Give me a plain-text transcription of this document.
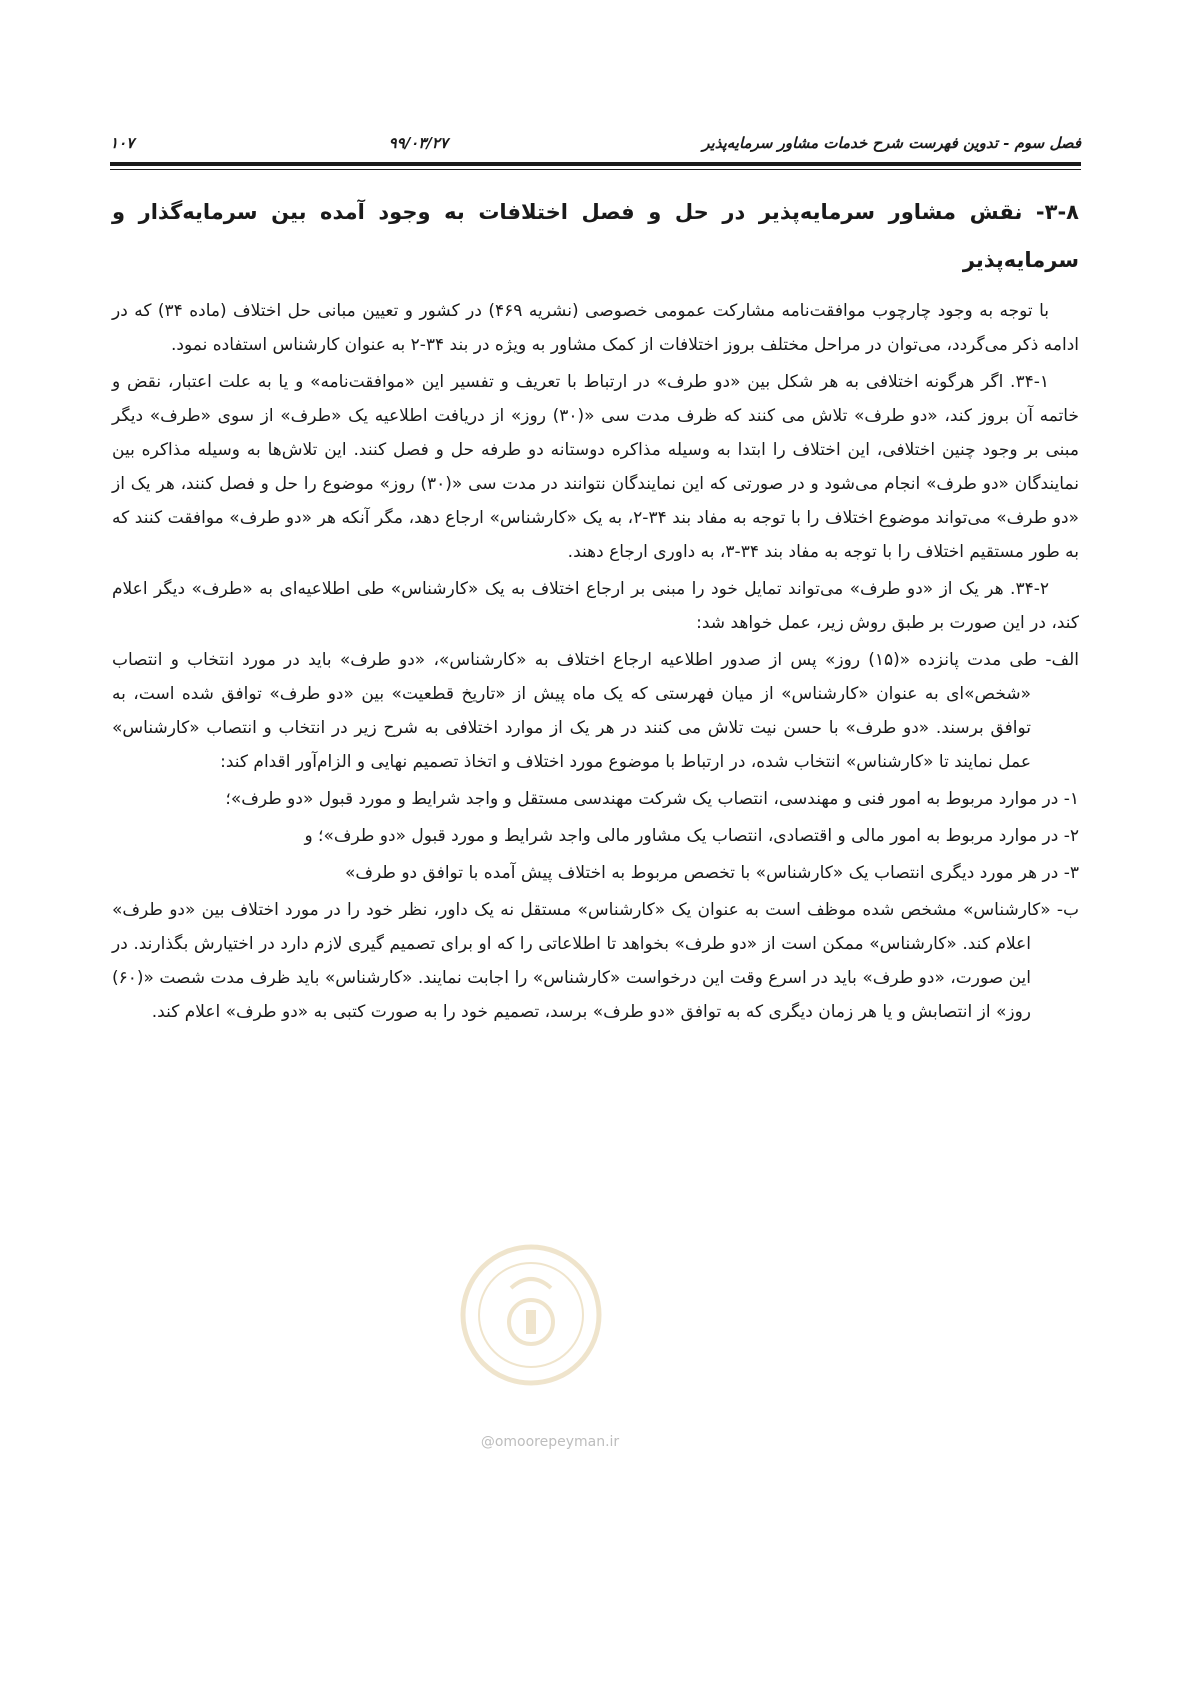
فصل سوم - تدوین فهرست شرح خدمات مشاور سرمایه‌پذیر
۹۹/۰۳/۲۷
۱۰۷
۳-۸- نقش مشاور سرمایه‌پذیر در حل و فصل اختلافات به وجود آمده بین سرمایه‌گذار و سرمایه‌پذیر

با توجه به وجود چارچوب موافقت‌نامه مشارکت عمومی خصوصی (نشریه ۴۶۹) در کشور و تعیین مبانی حل اختلاف (ماده ۳۴) که در ادامه ذکر می‌گردد، می‌توان در مراحل مختلف بروز اختلافات از کمک مشاور به ویژه در بند ۳۴-۲ به عنوان کارشناس استفاده نمود.

۳۴-۱. اگر هرگونه اختلافی به هر شکل بین «دو طرف» در ارتباط با تعریف و تفسیر این «موافقت‌نامه» و یا به علت اعتبار، نقض و خاتمه آن بروز کند، «دو طرف» تلاش می کنند که ظرف مدت سی «(۳۰) روز» از دریافت اطلاعیه یک «طرف» از سوی «طرف» دیگر مبنی بر وجود چنین اختلافی، این اختلاف را ابتدا به وسیله مذاکره دوستانه دو طرفه حل و فصل کنند. این تلاش‌ها به وسیله مذاکره بین نمایندگان «دو طرف» انجام می‌شود و در صورتی که این نمایندگان نتوانند در مدت سی «(۳۰) روز» موضوع را حل و فصل کنند، هر یک از «دو طرف» می‌تواند موضوع اختلاف را با توجه به مفاد بند ۳۴-۲، به یک «کارشناس» ارجاع دهد، مگر آنکه هر «دو طرف» موافقت کنند که به طور مستقیم اختلاف را با توجه به مفاد بند ۳۴-۳، به داوری ارجاع دهند.

۳۴-۲. هر یک از «دو طرف» می‌تواند تمایل خود را مبنی بر ارجاع اختلاف به یک «کارشناس» طی اطلاعیه‌ای به «طرف» دیگر اعلام کند، در این صورت بر طبق روش زیر، عمل خواهد شد:

الف- طی مدت پانزده «(۱۵) روز» پس از صدور اطلاعیه ارجاع اختلاف به «کارشناس»، «دو طرف» باید در مورد انتخاب و انتصاب «شخص»ای به عنوان «کارشناس» از میان فهرستی که یک ماه پیش از «تاریخ قطعیت» بین «دو طرف» توافق شده است، به توافق برسند. «دو طرف» با حسن نیت تلاش می کنند در هر یک از موارد اختلافی به شرح زیر در انتخاب و انتصاب «کارشناس» عمل نمایند تا «کارشناس» انتخاب شده، در ارتباط با موضوع مورد اختلاف و اتخاذ تصمیم نهایی و الزام‌آور اقدام کند:

۱- در موارد مربوط به امور فنی و مهندسی، انتصاب یک شرکت مهندسی مستقل و واجد شرایط و مورد قبول «دو طرف»؛

۲- در موارد مربوط به امور مالی و اقتصادی، انتصاب یک مشاور مالی واجد شرایط و مورد قبول «دو طرف»؛ و

۳- در هر مورد دیگری انتصاب یک «کارشناس» با تخصص مربوط به اختلاف پیش آمده با توافق دو طرف»

ب- «کارشناس» مشخص شده موظف است به عنوان یک «کارشناس» مستقل نه یک داور، نظر خود را در مورد اختلاف بین «دو طرف» اعلام کند. «کارشناس» ممکن است از «دو طرف» بخواهد تا اطلاعاتی را که او برای تصمیم گیری لازم دارد در اختیارش بگذارند. در این صورت، «دو طرف» باید در اسرع وقت این درخواست «کارشناس» را اجابت نمایند. «کارشناس» باید ظرف مدت شصت «(۶۰) روز» از انتصابش و یا هر زمان دیگری که به توافق «دو طرف» برسد، تصمیم خود را به صورت کتبی به «دو طرف» اعلام کند.

@omoorepeyman.ir
